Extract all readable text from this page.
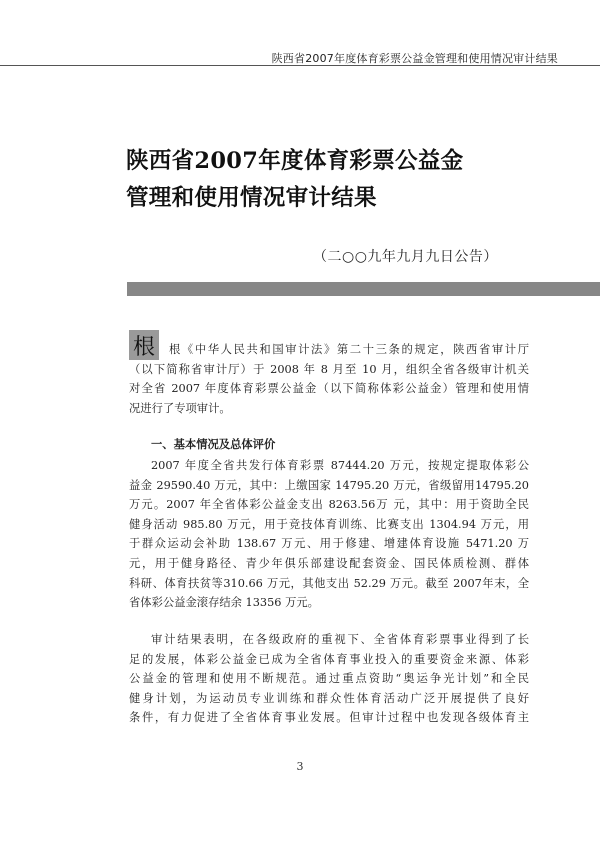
陕西省2007年度体育彩票公益金管理和使用情况审计结果
陕西省2007年度体育彩票公益金
管理和使用情况审计结果
（二○○九年九月九日公告）
根	根《中华人民共和国审计法》第二十三条的规定，陕西省审计厅
（以下简称省审计厅）于 2008 年 8 月至 10 月，组织全省各级审计机关
对全省 2007 年度体育彩票公益金（以下简称体彩公益金）管理和使用情
况进行了专项审计。
一、基本情况及总体评价
2007 年度全省共发行体育彩票 87444.20 万元，按规定提取体彩公
益金 29590.40 万元，其中：上缴国家 14795.20 万元，省级留用14795.20
万元。2007 年全省体彩公益金支出 8263.56万 元，其中：用于资助全民
健身活动 985.80 万元，用于竞技体育训练、比赛支出 1304.94 万元，用
于群众运动会补助 138.67 万元、用于修建、增建体育设施 5471.20 万
元，用于健身路径、青少年俱乐部建设配套资金、国民体质检测、群体
科研、体育扶贫等310.66 万元，其他支出 52.29 万元。截至 2007年末，全
省体彩公益金滚存结余 13356 万元。
审计结果表明，在各级政府的重视下、全省体育彩票事业得到了长
足的发展，体彩公益金已成为全省体育事业投入的重要资金来源、体彩
公益金的管理和使用不断规范。通过重点资助“奥运争光计划”和全民
健身计划，为运动员专业训练和群众性体育活动广泛开展提供了良好
条件，有力促进了全省体育事业发展。但审计过程中也发现各级体育主
3
